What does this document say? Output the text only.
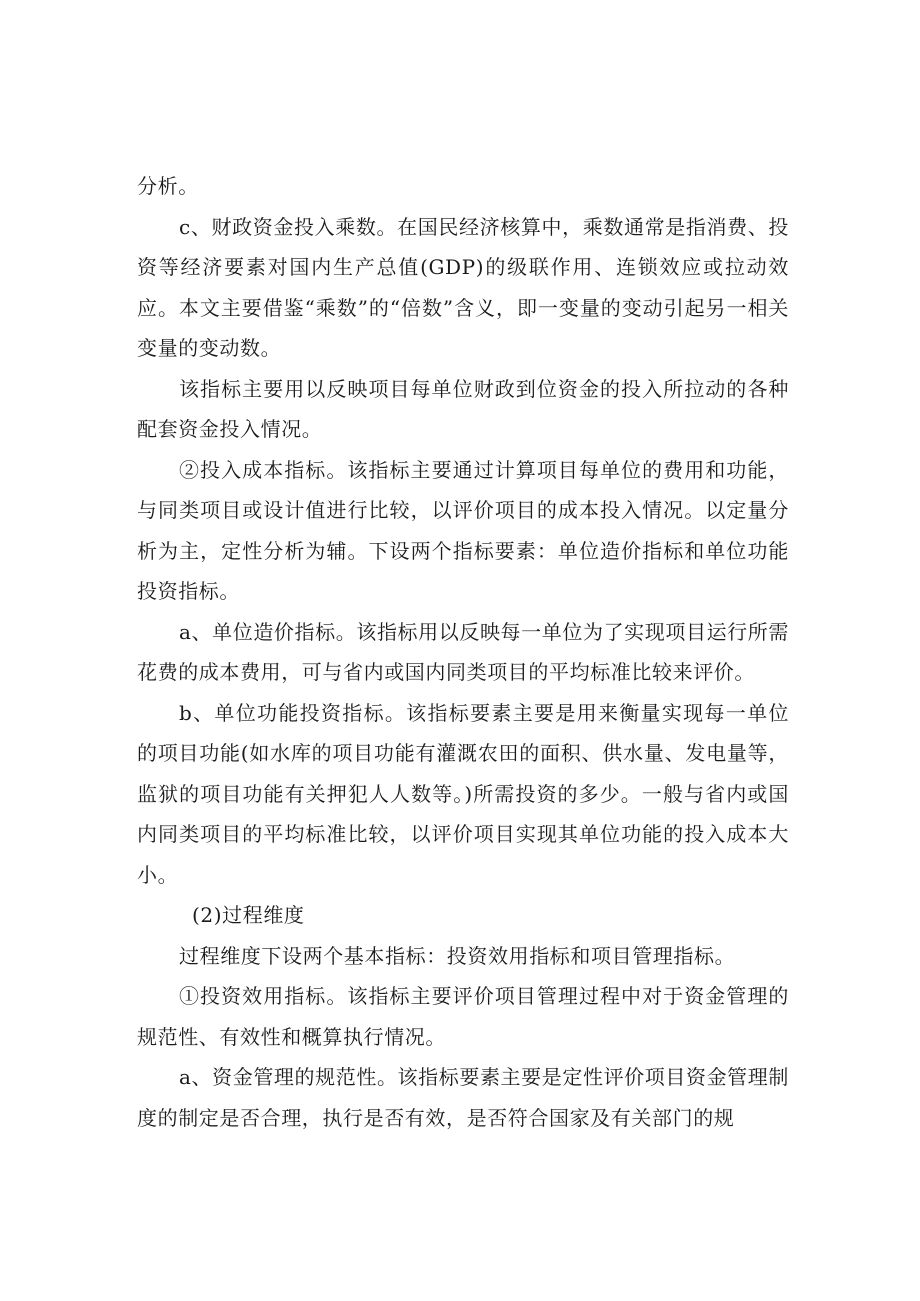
分析。

c、财政资金投入乘数。在国民经济核算中，乘数通常是指消费、投资等经济要素对国内生产总值(GDP)的级联作用、连锁效应或拉动效应。本文主要借鉴“乘数”的“倍数”含义，即一变量的变动引起另一相关变量的变动数。

该指标主要用以反映项目每单位财政到位资金的投入所拉动的各种配套资金投入情况。

②投入成本指标。该指标主要通过计算项目每单位的费用和功能，与同类项目或设计值进行比较，以评价项目的成本投入情况。以定量分析为主，定性分析为辅。下设两个指标要素：单位造价指标和单位功能投资指标。

a、单位造价指标。该指标用以反映每一单位为了实现项目运行所需花费的成本费用，可与省内或国内同类项目的平均标准比较来评价。

b、单位功能投资指标。该指标要素主要是用来衡量实现每一单位的项目功能(如水库的项目功能有灌溉农田的面积、供水量、发电量等，监狱的项目功能有关押犯人人数等。)所需投资的多少。一般与省内或国内同类项目的平均标准比较，以评价项目实现其单位功能的投入成本大小。

(2)过程维度

过程维度下设两个基本指标：投资效用指标和项目管理指标。

①投资效用指标。该指标主要评价项目管理过程中对于资金管理的规范性、有效性和概算执行情况。

a、资金管理的规范性。该指标要素主要是定性评价项目资金管理制度的制定是否合理，执行是否有效，是否符合国家及有关部门的规
